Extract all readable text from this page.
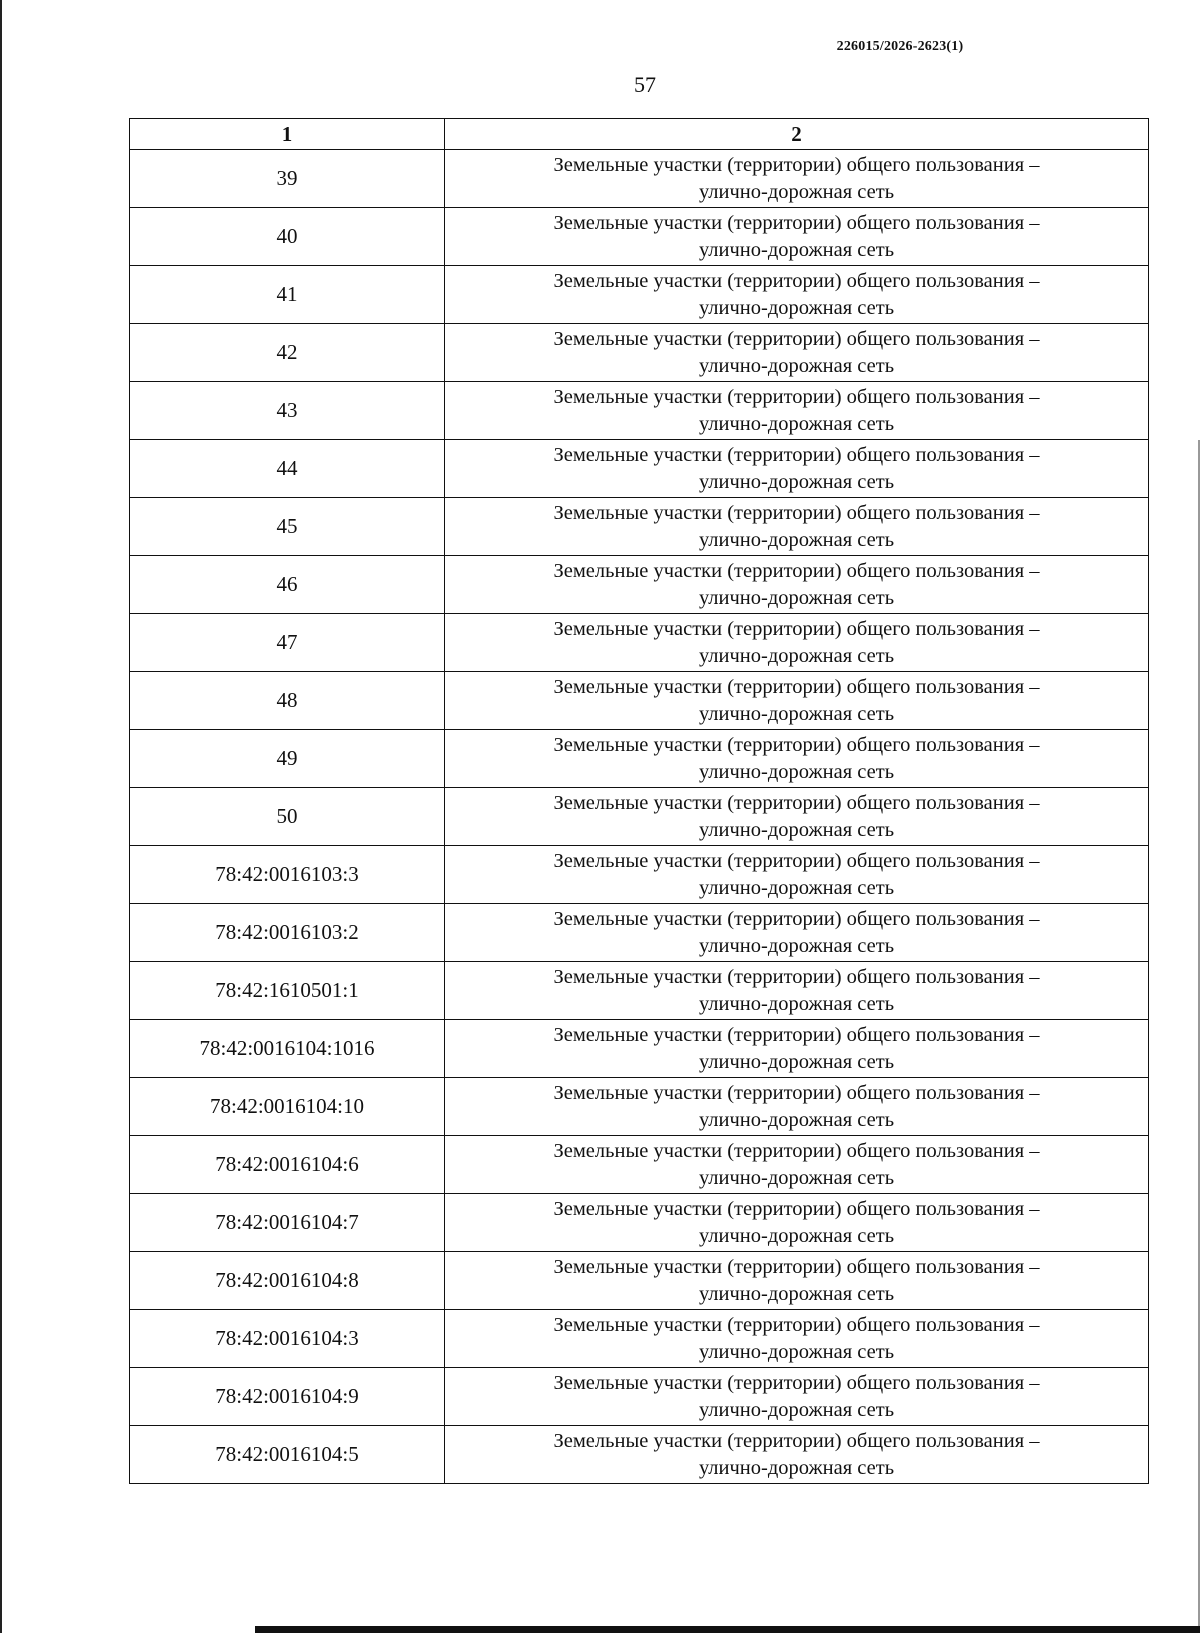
226015/2026-2623(1)
57
1	2
39	Земельные участки (территории) общего пользования –
улично-дорожная сеть

40	Земельные участки (территории) общего пользования –
улично-дорожная сеть

41	Земельные участки (территории) общего пользования –
улично-дорожная сеть

42	Земельные участки (территории) общего пользования –
улично-дорожная сеть

43	Земельные участки (территории) общего пользования –
улично-дорожная сеть

44	Земельные участки (территории) общего пользования –
улично-дорожная сеть

45	Земельные участки (территории) общего пользования –
улично-дорожная сеть

46	Земельные участки (территории) общего пользования –
улично-дорожная сеть

47	Земельные участки (территории) общего пользования –
улично-дорожная сеть

48	Земельные участки (территории) общего пользования –
улично-дорожная сеть

49	Земельные участки (территории) общего пользования –
улично-дорожная сеть

50	Земельные участки (территории) общего пользования –
улично-дорожная сеть

78:42:0016103:3	Земельные участки (территории) общего пользования –
улично-дорожная сеть

78:42:0016103:2	Земельные участки (территории) общего пользования –
улично-дорожная сеть

78:42:1610501:1	Земельные участки (территории) общего пользования –
улично-дорожная сеть

78:42:0016104:1016	Земельные участки (территории) общего пользования –
улично-дорожная сеть

78:42:0016104:10	Земельные участки (территории) общего пользования –
улично-дорожная сеть

78:42:0016104:6	Земельные участки (территории) общего пользования –
улично-дорожная сеть

78:42:0016104:7	Земельные участки (территории) общего пользования –
улично-дорожная сеть

78:42:0016104:8	Земельные участки (территории) общего пользования –
улично-дорожная сеть

78:42:0016104:3	Земельные участки (территории) общего пользования –
улично-дорожная сеть

78:42:0016104:9	Земельные участки (территории) общего пользования –
улично-дорожная сеть

78:42:0016104:5	Земельные участки (территории) общего пользования –
улично-дорожная сеть
